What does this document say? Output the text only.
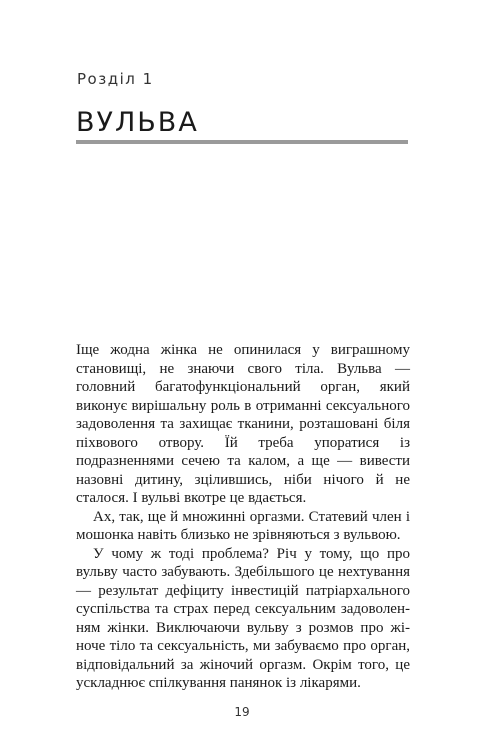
Розділ 1
ВУЛЬВА

Іще жодна жінка не опинилася у виграшному становищі, не знаючи свого тіла. Вульва — головний багатофункціональний орган, який виконує вирішальну роль в отриманні сексуального задоволення та захищає тканини, розташовані біля піхвового отвору. Їй треба упоратися із подразненнями сечею та калом, а ще — вивести назовні дитину, зцілившись, ніби нічого й не сталося. І вульві вкотре це вдається.

Ах, так, ще й множинні оргазми. Статевий член і мошонка навіть близько не зрівняються з вульвою.

У чому ж тоді проблема? Річ у тому, що про вульву часто забувають. Здебільшого це нехтування — результат дефіциту інвестицій патріархального суспільства та страх перед сексуальним задоволенням жінки. Виключаючи вульву з розмов про жіноче тіло та сексуальність, ми забуваємо про орган, відповідальний за жіночий оргазм. Окрім того, це ускладнює спілкування панянок із лікарями.

19
